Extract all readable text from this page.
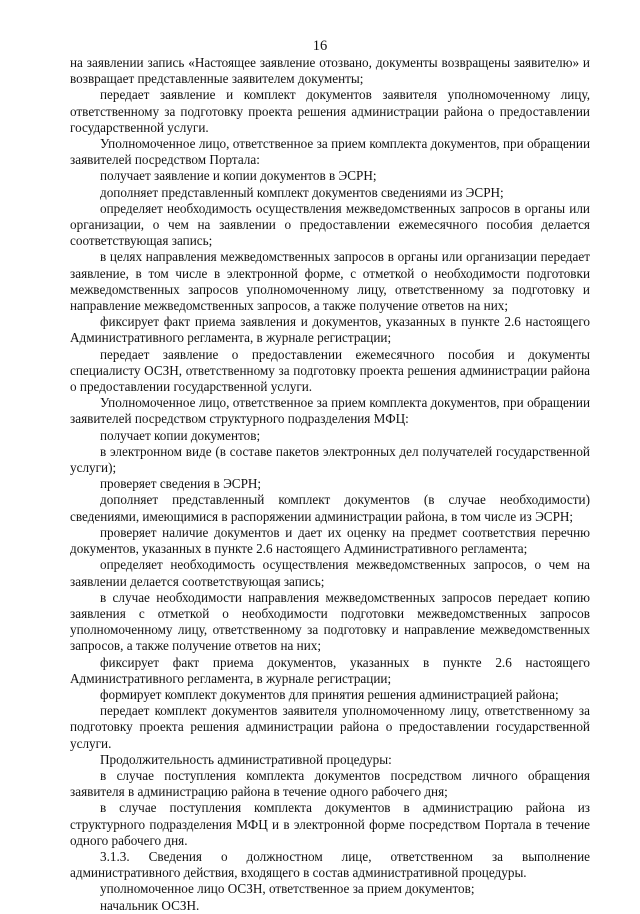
16

на заявлении запись «Настоящее заявление отозвано, документы возвращены заявителю» и возвращает представленные заявителем документы;

передает заявление и комплект документов заявителя уполномоченному лицу, ответственному за подготовку проекта решения администрации района о предоставлении государственной услуги.

Уполномоченное лицо, ответственное за прием комплекта документов, при обращении заявителей посредством Портала:

получает заявление и копии документов в ЭСРН;

дополняет представленный комплект документов сведениями из ЭСРН;

определяет необходимость осуществления межведомственных запросов в органы или организации, о чем на заявлении о предоставлении ежемесячного пособия делается соответствующая запись;

в целях направления межведомственных запросов в органы или организации передает заявление, в том числе в электронной форме, с отметкой о необходимости подготовки межведомственных запросов уполномоченному лицу, ответственному за подготовку и направление межведомственных запросов, а также получение ответов на них;

фиксирует факт приема заявления и документов, указанных в пункте 2.6 настоящего Административного регламента, в журнале регистрации;

передает заявление о предоставлении ежемесячного пособия и документы специалисту ОСЗН, ответственному за подготовку проекта решения администрации района о предоставлении государственной услуги.

Уполномоченное лицо, ответственное за прием комплекта документов, при обращении заявителей посредством структурного подразделения МФЦ:

получает копии документов;

в электронном виде (в составе пакетов электронных дел получателей государственной услуги);

проверяет сведения в ЭСРН;

дополняет представленный комплект документов (в случае необходимости) сведениями, имеющимися в распоряжении администрации района, в том числе из ЭСРН;

проверяет наличие документов и дает их оценку на предмет соответствия перечню документов, указанных в пункте 2.6 настоящего Административного регламента;

определяет необходимость осуществления межведомственных запросов, о чем на заявлении делается соответствующая запись;

в случае необходимости направления межведомственных запросов передает копию заявления с отметкой о необходимости подготовки межведомственных запросов уполномоченному лицу, ответственному за подготовку и направление межведомственных запросов, а также получение ответов на них;

фиксирует факт приема документов, указанных в пункте 2.6 настоящего Административного регламента, в журнале регистрации;

формирует комплект документов для принятия решения администрацией района;

передает комплект документов заявителя уполномоченному лицу, ответственному за подготовку проекта решения администрации района о предоставлении государственной услуги.

Продолжительность административной процедуры:

в случае поступления комплекта документов посредством личного обращения заявителя в администрацию района в течение одного рабочего дня;

в случае поступления комплекта документов в администрацию района из структурного подразделения МФЦ и в электронной форме посредством Портала в течение одного рабочего дня.

3.1.3. Сведения о должностном лице, ответственном за выполнение административного действия, входящего в состав административной процедуры.

уполномоченное лицо ОСЗН, ответственное за прием документов;

начальник ОСЗН.
